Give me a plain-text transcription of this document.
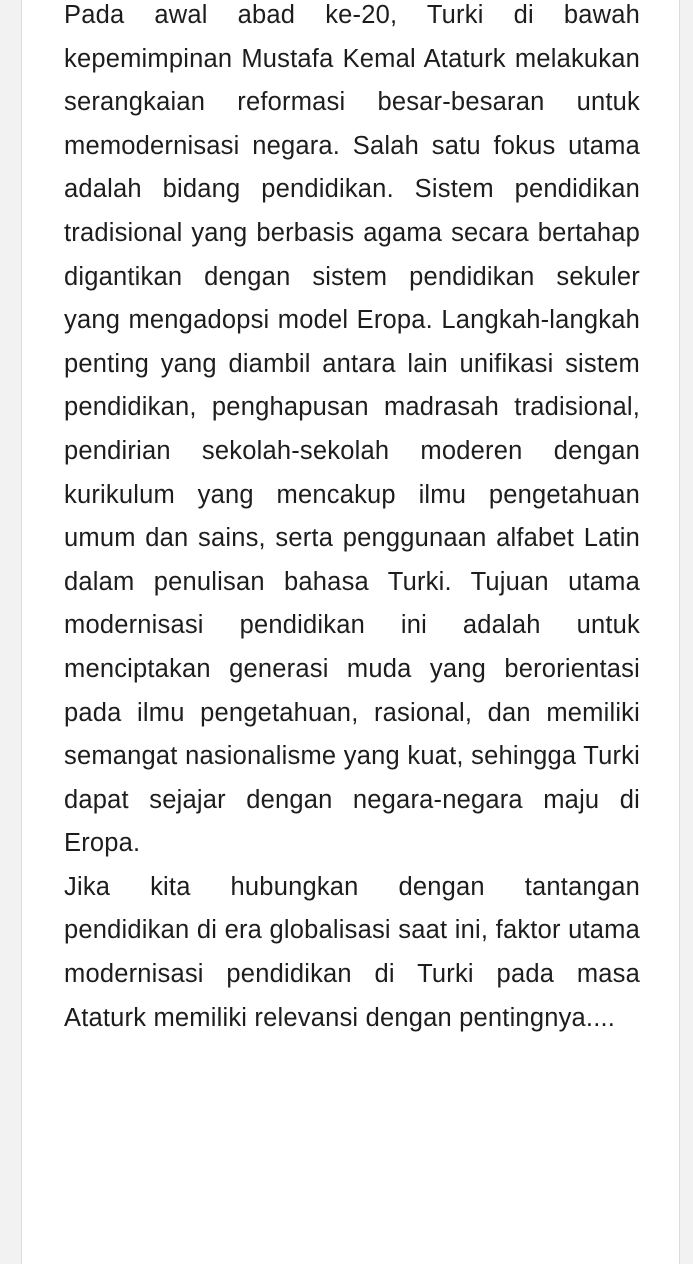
Pada awal abad ke-20, Turki di bawah kepemimpinan Mustafa Kemal Ataturk melakukan serangkaian reformasi besar-besaran untuk memodernisasi negara. Salah satu fokus utama adalah bidang pendidikan. Sistem pendidikan tradisional yang berbasis agama secara bertahap digantikan dengan sistem pendidikan sekuler yang mengadopsi model Eropa. Langkah-langkah penting yang diambil antara lain unifikasi sistem pendidikan, penghapusan madrasah tradisional, pendirian sekolah-sekolah moderen dengan kurikulum yang mencakup ilmu pengetahuan umum dan sains, serta penggunaan alfabet Latin dalam penulisan bahasa Turki. Tujuan utama modernisasi pendidikan ini adalah untuk menciptakan generasi muda yang berorientasi pada ilmu pengetahuan, rasional, dan memiliki semangat nasionalisme yang kuat, sehingga Turki dapat sejajar dengan negara-negara maju di Eropa.

Jika kita hubungkan dengan tantangan pendidikan di era globalisasi saat ini, faktor utama modernisasi pendidikan di Turki pada masa Ataturk memiliki relevansi dengan pentingnya....
